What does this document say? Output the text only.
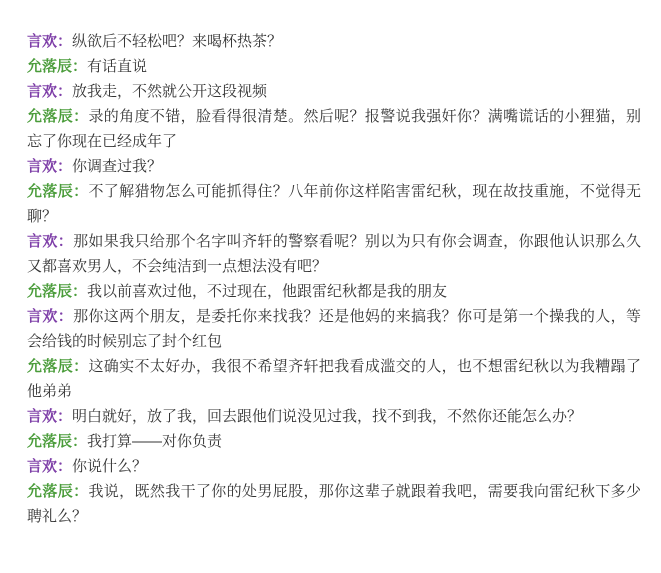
言欢：纵欲后不轻松吧？来喝杯热茶？

允落辰：有话直说

言欢：放我走，不然就公开这段视频

允落辰：录的角度不错，脸看得很清楚。然后呢？报警说我强奸你？满嘴谎话的小狸猫，别忘了你现在已经成年了

言欢：你调查过我？

允落辰：不了解猎物怎么可能抓得住？八年前你这样陷害雷纪秋，现在故技重施，不觉得无聊？

言欢：那如果我只给那个名字叫齐轩的警察看呢？别以为只有你会调查，你跟他认识那么久又都喜欢男人，不会纯洁到一点想法没有吧？

允落辰：我以前喜欢过他，不过现在，他跟雷纪秋都是我的朋友

言欢：那你这两个朋友，是委托你来找我？还是他妈的来搞我？你可是第一个操我的人，等会给钱的时候别忘了封个红包

允落辰：这确实不太好办，我很不希望齐轩把我看成滥交的人，也不想雷纪秋以为我糟蹋了他弟弟

言欢：明白就好，放了我，回去跟他们说没见过我，找不到我，不然你还能怎么办？

允落辰：我打算——对你负责

言欢：你说什么？

允落辰：我说，既然我干了你的处男屁股，那你这辈子就跟着我吧，需要我向雷纪秋下多少聘礼么？
